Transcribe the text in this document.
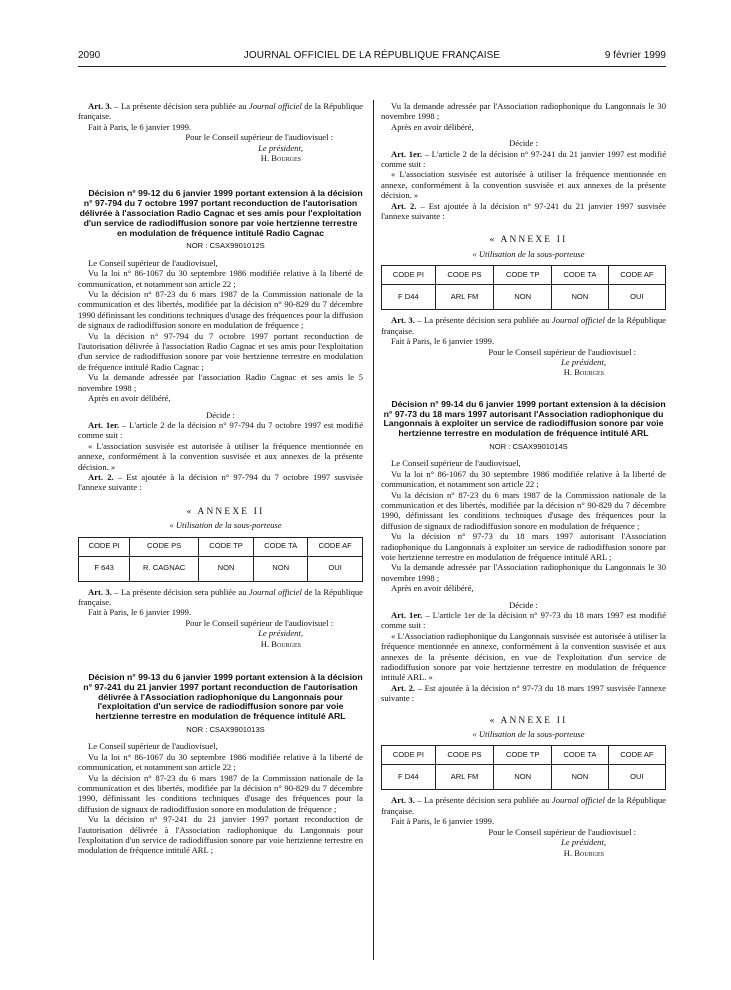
2090	JOURNAL OFFICIEL DE LA RÉPUBLIQUE FRANÇAISE	9 février 1999

Art. 3. – La présente décision sera publiée au Journal officiel de la République française.

Fait à Paris, le 6 janvier 1999.

Pour le Conseil supérieur de l'audiovisuel :

Le président,

H. Bourges

Décision n° 99-12 du 6 janvier 1999 portant extension à la décision n° 97-794 du 7 octobre 1997 portant reconduction de l'autorisation délivrée à l'association Radio Cagnac et ses amis pour l'exploitation d'un service de radiodiffusion sonore par voie hertzienne terrestre en modulation de fréquence intitulé Radio Cagnac

NOR : CSAX9901012S

Le Conseil supérieur de l'audiovisuel,

Vu la loi n° 86-1067 du 30 septembre 1986 modifiée relative à la liberté de communication, et notamment son article 22 ;

Vu la décision n° 87-23 du 6 mars 1987 de la Commission nationale de la communication et des libertés, modifiée par la décision n° 90-829 du 7 décembre 1990 définissant les conditions techniques d'usage des fréquences pour la diffusion de signaux de radiodiffusion sonore en modulation de fréquence ;

Vu la décision n° 97-794 du 7 octobre 1997 portant reconduction de l'autorisation délivrée à l'association Radio Cagnac et ses amis pour l'exploitation d'un service de radiodiffusion sonore par voie hertzienne terrestre en modulation de fréquence intitulé Radio Cagnac ;

Vu la demande adressée par l'association Radio Cagnac et ses amis le 5 novembre 1998 ;

Après en avoir délibéré,

Décide :

Art. 1er. – L'article 2 de la décision n° 97-794 du 7 octobre 1997 est modifié comme suit :

« L'association susvisée est autorisée à utiliser la fréquence mentionnée en annexe, conformément à la convention susvisée et aux annexes de la présente décision. »

Art. 2. – Est ajoutée à la décision n° 97-794 du 7 octobre 1997 susvisée l'annexe suivante :

« ANNEXE II

« Utilisation de la sous-porteuse

CODE PI	CODE PS	CODE TP	CODE TA	CODE AF
F 643	R. CAGNAC	NON	NON	OUI

Art. 3. – La présente décision sera publiée au Journal officiel de la République française.

Fait à Paris, le 6 janvier 1999.

Pour le Conseil supérieur de l'audiovisuel :

Le président,

H. Bourges

Décision n° 99-13 du 6 janvier 1999 portant extension à la décision n° 97-241 du 21 janvier 1997 portant reconduction de l'autorisation délivrée à l'Association radiophonique du Langonnais pour l'exploitation d'un service de radiodiffusion sonore par voie hertzienne terrestre en modulation de fréquence intitulé ARL

NOR : CSAX9901013S

Le Conseil supérieur de l'audiovisuel,

Vu la loi n° 86-1067 du 30 septembre 1986 modifiée relative à la liberté de communication, et notamment son article 22 ;

Vu la décision n° 87-23 du 6 mars 1987 de la Commission nationale de la communication et des libertés, modifiée par la décision n° 90-829 du 7 décembre 1990, définissant les conditions techniques d'usage des fréquences pour la diffusion de signaux de radiodiffusion sonore en modulation de fréquence ;

Vu la décision n° 97-241 du 21 janvier 1997 portant reconduction de l'autorisation délivrée à l'Association radiophonique du Langonnais pour l'exploitation d'un service de radiodiffusion sonore par voie hertzienne terrestre en modulation de fréquence intitulé ARL ;

Vu la demande adressée par l'Association radiophonique du Langonnais le 30 novembre 1998 ;

Après en avoir délibéré,

Décide :

Art. 1er. – L'article 2 de la décision n° 97-241 du 21 janvier 1997 est modifié comme suit :

« L'association susvisée est autorisée à utiliser la fréquence mentionnée en annexe, conformément à la convention susvisée et aux annexes de la présente décision. »

Art. 2. – Est ajoutée à la décision n° 97-241 du 21 janvier 1997 susvisée l'annexe suivante :

« ANNEXE II

« Utilisation de la sous-porteuse

CODE PI	CODE PS	CODE TP	CODE TA	CODE AF
F D44	ARL FM	NON	NON	OUI

Art. 3. – La présente décision sera publiée au Journal officiel de la République française.

Fait à Paris, le 6 janvier 1999.

Pour le Conseil supérieur de l'audiovisuel :

Le président,

H. Bourges

Décision n° 99-14 du 6 janvier 1999 portant extension à la décision n° 97-73 du 18 mars 1997 autorisant l'Association radiophonique du Langonnais à exploiter un service de radiodiffusion sonore par voie hertzienne terrestre en modulation de fréquence intitulé ARL

NOR : CSAX9901014S

Le Conseil supérieur de l'audiovisuel,

Vu la loi n° 86-1067 du 30 septembre 1986 modifiée relative à la liberté de communication, et notamment son article 22 ;

Vu la décision n° 87-23 du 6 mars 1987 de la Commission nationale de la communication et des libertés, modifiée par la décision n° 90-829 du 7 décembre 1990, définissant les conditions techniques d'usage des fréquences pour la diffusion de signaux de radiodiffusion sonore en modulation de fréquence ;

Vu la décision n° 97-73 du 18 mars 1997 autorisant l'Association radiophonique du Langonnais à exploiter un service de radiodiffusion sonore par voie hertzienne terrestre en modulation de fréquence intitulé ARL ;

Vu la demande adressée par l'Association radiophonique du Langonnais le 30 novembre 1998 ;

Après en avoir délibéré,

Décide :

Art. 1er. – L'article 1er de la décision n° 97-73 du 18 mars 1997 est modifié comme suit :

« L'Association radiophonique du Langonnais susvisée est autorisée à utiliser la fréquence mentionnée en annexe, conformément à la convention susvisée et aux annexes de la présente décision, en vue de l'exploitation d'un service de radiodiffusion sonore par voie hertzienne terrestre en modulation de fréquence intitulé ARL. »

Art. 2. – Est ajoutée à la décision n° 97-73 du 18 mars 1997 susvisée l'annexe suivante :

« ANNEXE II

« Utilisation de la sous-porteuse

CODE PI	CODE PS	CODE TP	CODE TA	CODE AF
F D44	ARL FM	NON	NON	OUI

Art. 3. – La présente décision sera publiée au Journal officiel de la République française.

Fait à Paris, le 6 janvier 1999.

Pour le Conseil supérieur de l'audiovisuel :

Le président,

H. Bourges
